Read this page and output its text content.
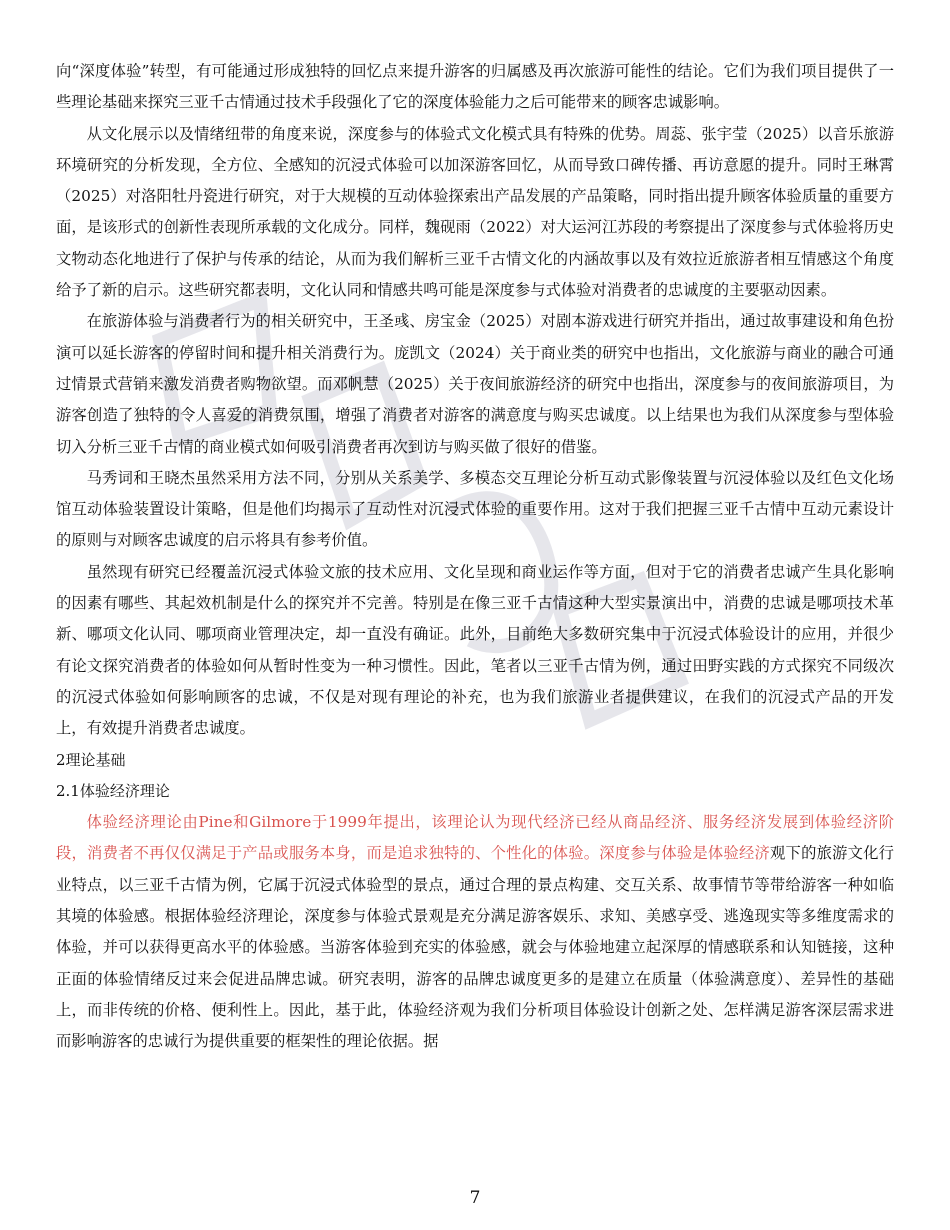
向“深度体验”转型，有可能通过形成独特的回忆点来提升游客的归属感及再次旅游可能性的结论。它们为我们项目提供了一些理论基础来探究三亚千古情通过技术手段强化了它的深度体验能力之后可能带来的顾客忠诚影响。

从文化展示以及情绪纽带的角度来说，深度参与的体验式文化模式具有特殊的优势。周蕊、张宇莹（2025）以音乐旅游环境研究的分析发现，全方位、全感知的沉浸式体验可以加深游客回忆，从而导致口碑传播、再访意愿的提升。同时王琳霄（2025）对洛阳牡丹瓷进行研究，对于大规模的互动体验探索出产品发展的产品策略，同时指出提升顾客体验质量的重要方面，是该形式的创新性表现所承载的文化成分。同样，魏砚雨（2022）对大运河江苏段的考察提出了深度参与式体验将历史文物动态化地进行了保护与传承的结论，从而为我们解析三亚千古情文化的内涵故事以及有效拉近旅游者相互情感这个角度给予了新的启示。这些研究都表明，文化认同和情感共鸣可能是深度参与式体验对消费者的忠诚度的主要驱动因素。

在旅游体验与消费者行为的相关研究中，王圣彧、房宝金（2025）对剧本游戏进行研究并指出，通过故事建设和角色扮演可以延长游客的停留时间和提升相关消费行为。庞凯文（2024）关于商业类的研究中也指出，文化旅游与商业的融合可通过情景式营销来激发消费者购物欲望。而邓帆慧（2025）关于夜间旅游经济的研究中也指出，深度参与的夜间旅游项目，为游客创造了独特的令人喜爱的消费氛围，增强了消费者对游客的满意度与购买忠诚度。以上结果也为我们从深度参与型体验切入分析三亚千古情的商业模式如何吸引消费者再次到访与购买做了很好的借鉴。

马秀词和王晓杰虽然采用方法不同，分别从关系美学、多模态交互理论分析互动式影像装置与沉浸体验以及红色文化场馆互动体验装置设计策略，但是他们均揭示了互动性对沉浸式体验的重要作用。这对于我们把握三亚千古情中互动元素设计的原则与对顾客忠诚度的启示将具有参考价值。

虽然现有研究已经覆盖沉浸式体验文旅的技术应用、文化呈现和商业运作等方面，但对于它的消费者忠诚产生具化影响的因素有哪些、其起效机制是什么的探究并不完善。特别是在像三亚千古情这种大型实景演出中，消费的忠诚是哪项技术革新、哪项文化认同、哪项商业管理决定，却一直没有确证。此外，目前绝大多数研究集中于沉浸式体验设计的应用，并很少有论文探究消费者的体验如何从暂时性变为一种习惯性。因此，笔者以三亚千古情为例，通过田野实践的方式探究不同级次的沉浸式体验如何影响顾客的忠诚，不仅是对现有理论的补充，也为我们旅游业者提供建议，在我们的沉浸式产品的开发上，有效提升消费者忠诚度。

2理论基础

2.1体验经济理论

体验经济理论由Pine和Gilmore于1999年提出，该理论认为现代经济已经从商品经济、服务经济发展到体验经济阶段，消费者不再仅仅满足于产品或服务本身，而是追求独特的、个性化的体验。深度参与体验是体验经济观下的旅游文化行业特点，以三亚千古情为例，它属于沉浸式体验型的景点，通过合理的景点构建、交互关系、故事情节等带给游客一种如临其境的体验感。根据体验经济理论，深度参与体验式景观是充分满足游客娱乐、求知、美感享受、逃逸现实等多维度需求的体验，并可以获得更高水平的体验感。当游客体验到充实的体验感，就会与体验地建立起深厚的情感联系和认知链接，这种正面的体验情绪反过来会促进品牌忠诚。研究表明，游客的品牌忠诚度更多的是建立在质量（体验满意度）、差异性的基础上，而非传统的价格、便利性上。因此，基于此，体验经济观为我们分析项目体验设计创新之处、怎样满足游客深层需求进而影响游客的忠诚行为提供重要的框架性的理论依据。据

7
